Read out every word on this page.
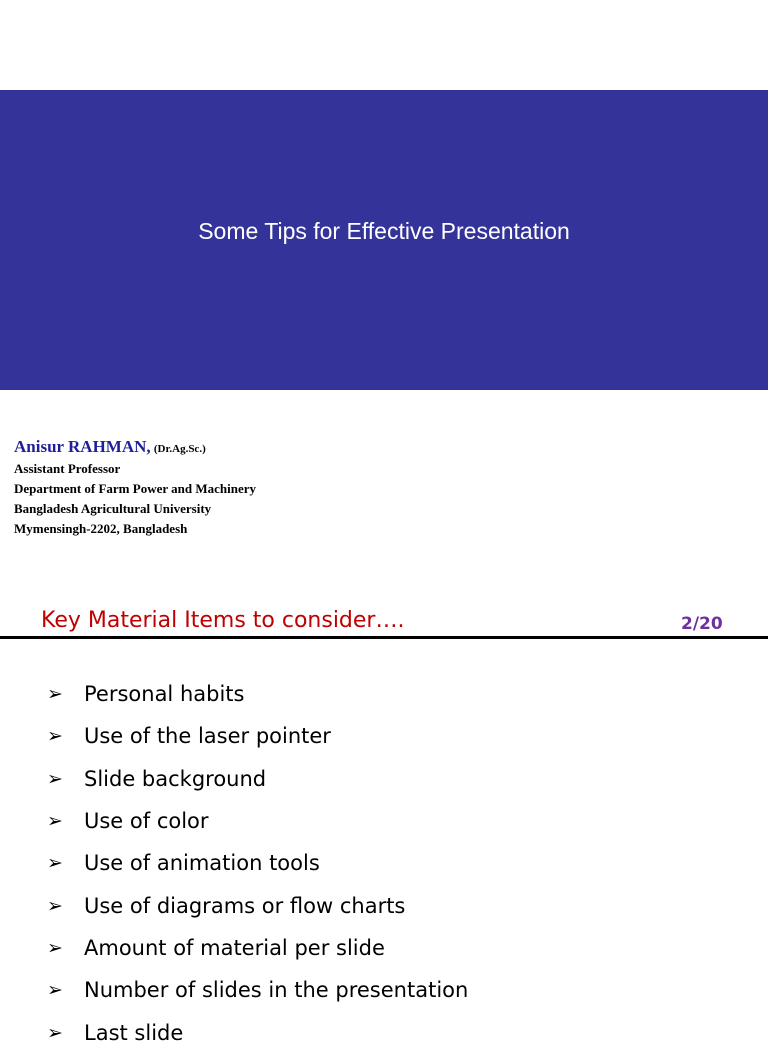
Some Tips for Effective Presentation
Anisur RAHMAN, (Dr.Ag.Sc.)
Assistant Professor
Department of Farm Power and Machinery
Bangladesh Agricultural University
Mymensingh-2202, Bangladesh
Key Material Items to consider….	2/20
➢	Personal habits
➢	Use of the laser pointer
➢	Slide background
➢	Use of color
➢	Use of animation tools
➢	Use of diagrams or flow charts
➢	Amount of material per slide
➢	Number of slides in the presentation
➢	Last slide
